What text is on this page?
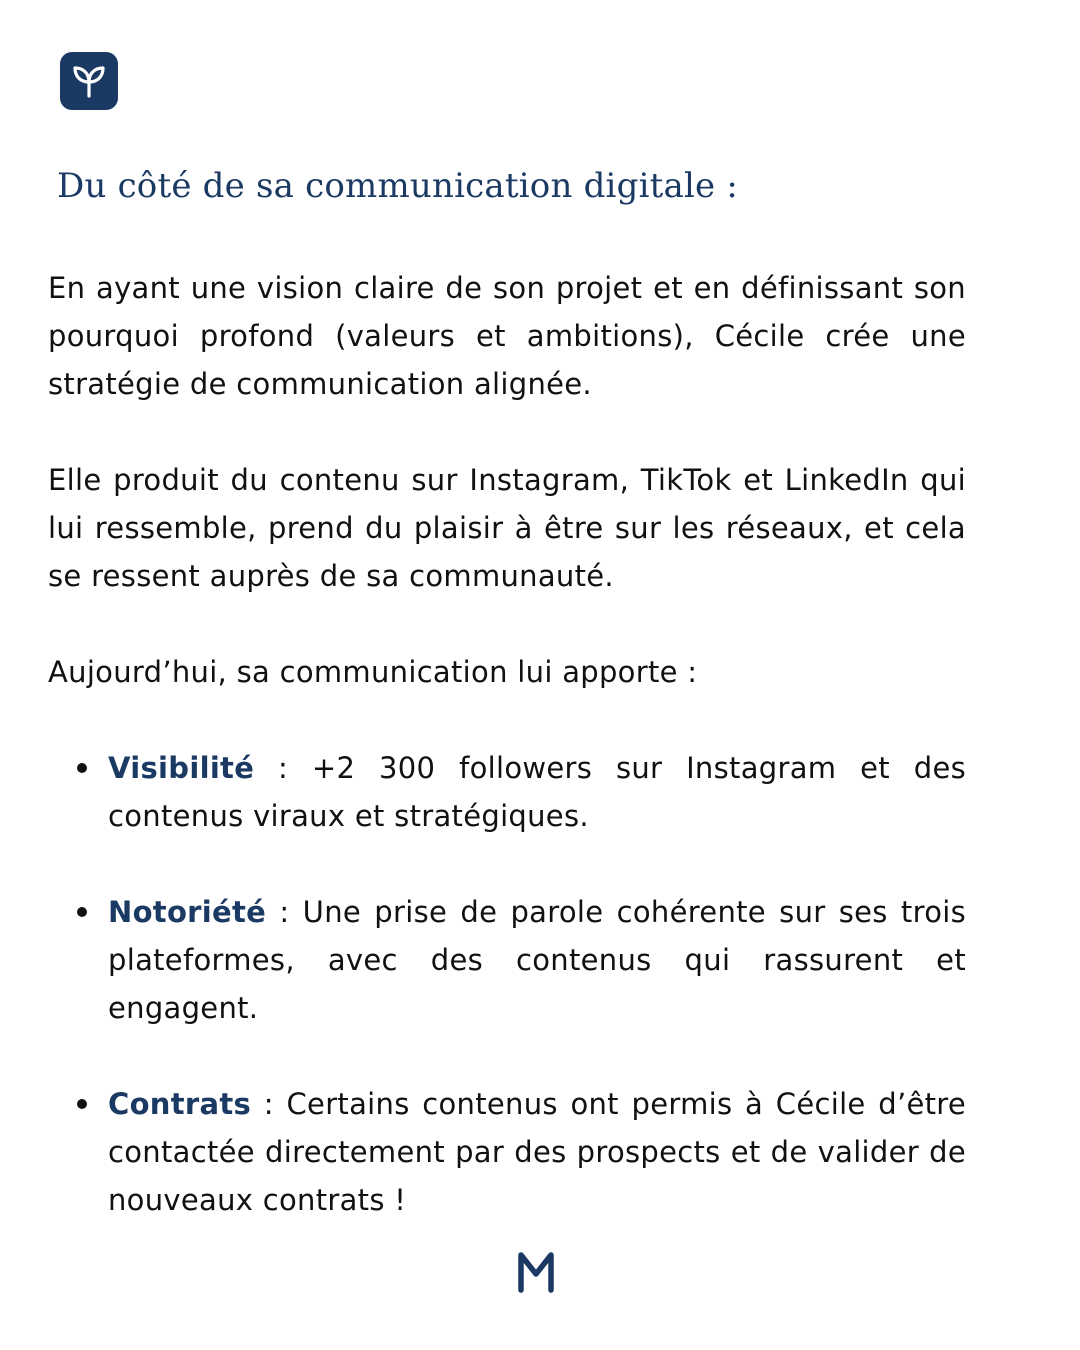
Du côté de sa communication digitale :

En ayant une vision claire de son projet et en définissant son pourquoi profond (valeurs et ambitions), Cécile crée une stratégie de communication alignée.

Elle produit du contenu sur Instagram, TikTok et LinkedIn qui lui ressemble, prend du plaisir à être sur les réseaux, et cela se ressent auprès de sa communauté.

Aujourd’hui, sa communication lui apporte :

Visibilité : +2 300 followers sur Instagram et des contenus viraux et stratégiques.
Notoriété : Une prise de parole cohérente sur ses trois plateformes, avec des contenus qui rassurent et engagent.
Contrats : Certains contenus ont permis à Cécile d’être contactée directement par des prospects et de valider de nouveaux contrats !
